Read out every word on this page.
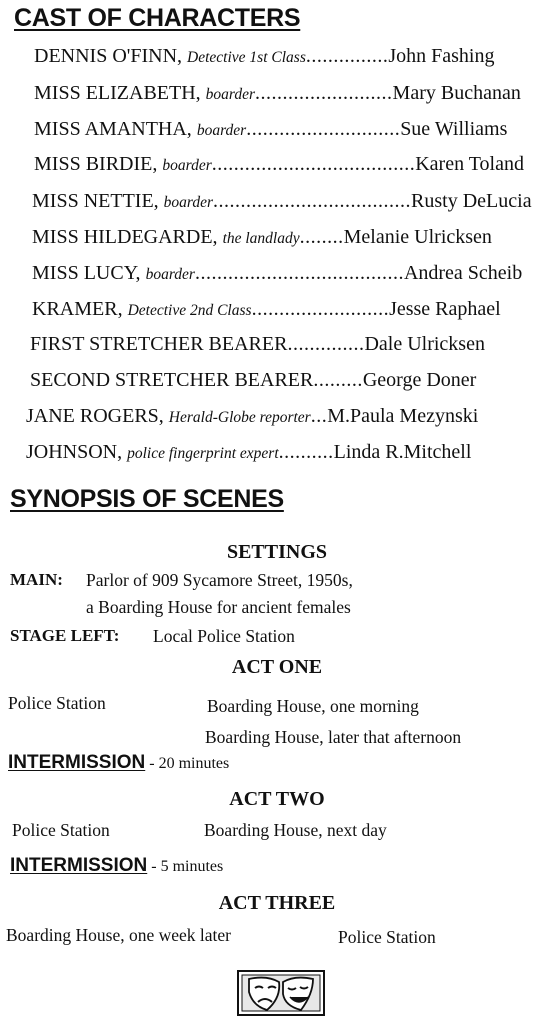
CAST OF CHARACTERS
DENNIS O'FINN,
Detective 1st Class ............... John Fashing
MISS ELIZABETH,
boarder ......................... Mary Buchanan
MISS AMANTHA,
boarder ............................ Sue Williams
MISS BIRDIE,
boarder ..................................... Karen Toland
MISS NETTIE,
boarder .................................... Rusty DeLucia
MISS HILDEGARDE,
the landlady ........ Melanie Ulricksen
MISS LUCY,
boarder ...................................... Andrea Scheib
KRAMER,
Detective 2nd Class ......................... Jesse Raphael
FIRST STRETCHER BEARER .............. Dale Ulricksen
SECOND STRETCHER BEARER ......... George Doner
JANE ROGERS,
Herald-Globe reporter ... M.Paula Mezynski
JOHNSON,
police fingerprint expert .......... Linda R.Mitchell
SYNOPSIS OF SCENES
SETTINGS
MAIN: Parlor of 909 Sycamore Street, 1950s,
a Boarding House for ancient females
STAGE LEFT: Local Police Station
ACT ONE
Police Station	Boarding House, one morning
Boarding House, later that afternoon
INTERMISSION - 20 minutes
ACT TWO
Police Station	Boarding House, next day
INTERMISSION - 5 minutes
ACT THREE
Boarding House, one week later	Police Station
